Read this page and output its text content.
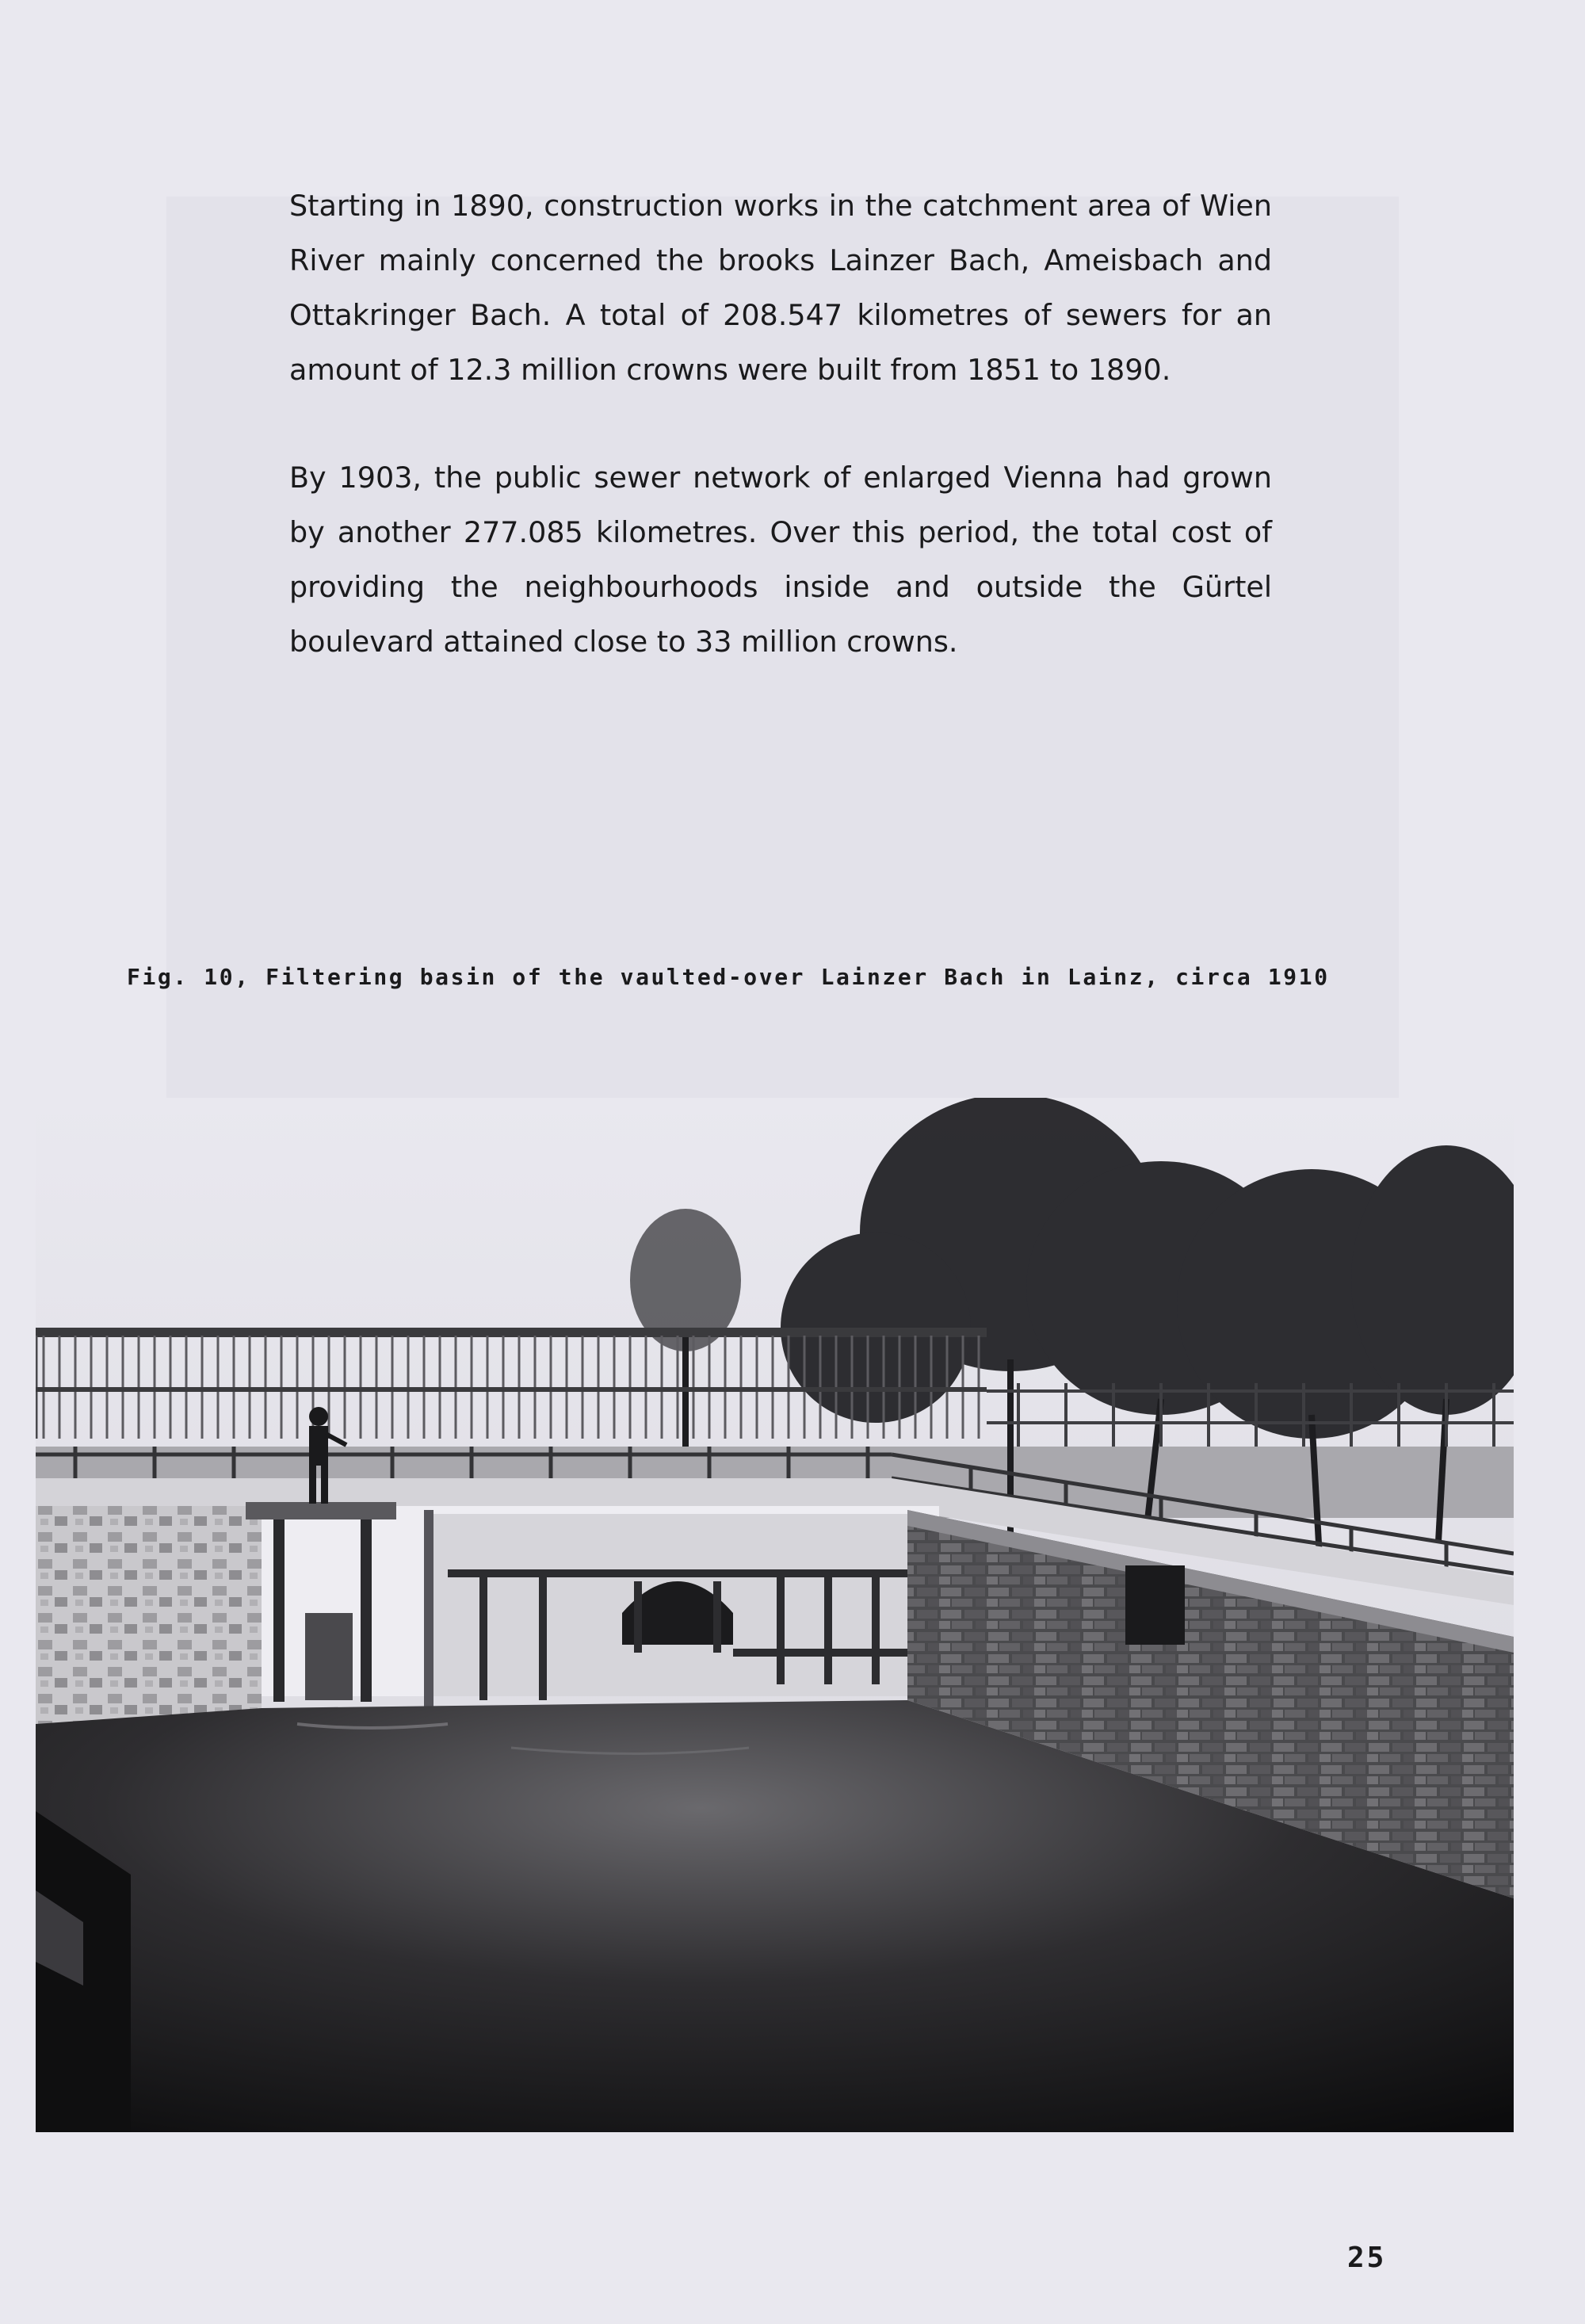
Starting in 1890, construction works in the catchment area of Wien River mainly concerned the brooks Lainzer Bach, Ameisbach and Ottakringer Bach. A total of 208.547 kilometres of sewers for an amount of 12.3 million crowns were built from 1851 to 1890.

By 1903, the public sewer network of enlarged Vienna had grown by another 277.085 kilometres. Over this period, the total cost of providing the neighbourhoods inside and outside the Gürtel boulevard attained close to 33 million crowns.

Fig. 10, Filtering basin of the vaulted-over Lainzer Bach in Lainz, circa 1910
25
